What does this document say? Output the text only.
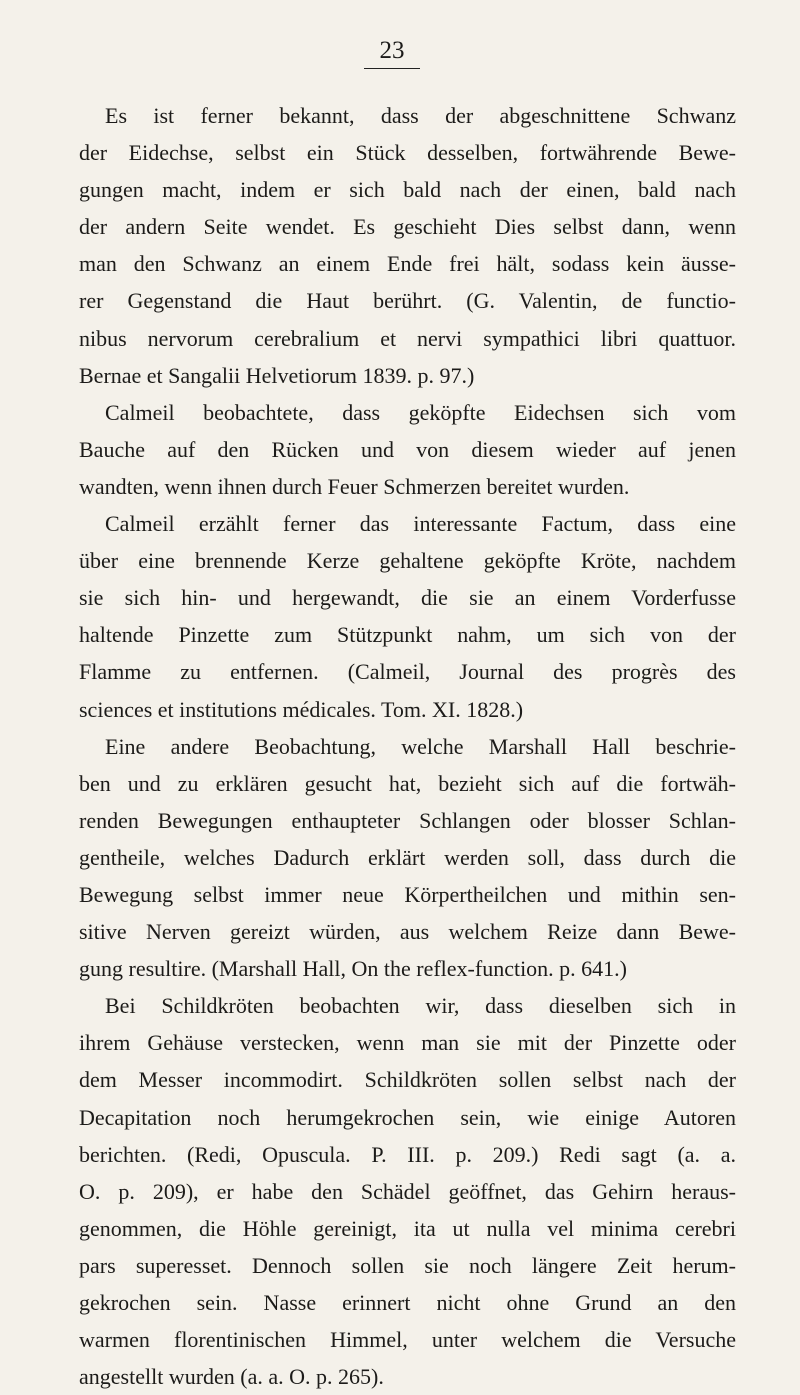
23
Es ist ferner bekannt, dass der abgeschnittene Schwanz
der Eidechse, selbst ein Stück desselben, fortwährende Bewe-
gungen macht, indem er sich bald nach der einen, bald nach
der andern Seite wendet. Es geschieht Dies selbst dann, wenn
man den Schwanz an einem Ende frei hält, sodass kein äusse-
rer Gegenstand die Haut berührt. (G. Valentin, de functio-
nibus nervorum cerebralium et nervi sympathici libri quattuor.
Bernae et Sangalii Helvetiorum 1839. p. 97.)
Calmeil beobachtete, dass geköpfte Eidechsen sich vom
Bauche auf den Rücken und von diesem wieder auf jenen
wandten, wenn ihnen durch Feuer Schmerzen bereitet wurden.
Calmeil erzählt ferner das interessante Factum, dass eine
über eine brennende Kerze gehaltene geköpfte Kröte, nachdem
sie sich hin- und hergewandt, die sie an einem Vorderfusse
haltende Pinzette zum Stützpunkt nahm, um sich von der
Flamme zu entfernen. (Calmeil, Journal des progrès des
sciences et institutions médicales. Tom. XI. 1828.)
Eine andere Beobachtung, welche Marshall Hall beschrie-
ben und zu erklären gesucht hat, bezieht sich auf die fortwäh-
renden Bewegungen enthaupteter Schlangen oder blosser Schlan-
gentheile, welches Dadurch erklärt werden soll, dass durch die
Bewegung selbst immer neue Körpertheilchen und mithin sen-
sitive Nerven gereizt würden, aus welchem Reize dann Bewe-
gung resultire. (Marshall Hall, On the reflex-function. p. 641.)
Bei Schildkröten beobachten wir, dass dieselben sich in
ihrem Gehäuse verstecken, wenn man sie mit der Pinzette oder
dem Messer incommodirt. Schildkröten sollen selbst nach der
Decapitation noch herumgekrochen sein, wie einige Autoren
berichten. (Redi, Opuscula. P. III. p. 209.) Redi sagt (a. a.
O. p. 209), er habe den Schädel geöffnet, das Gehirn heraus-
genommen, die Höhle gereinigt, ita ut nulla vel minima cerebri
pars superesset. Dennoch sollen sie noch längere Zeit herum-
gekrochen sein. Nasse erinnert nicht ohne Grund an den
warmen florentinischen Himmel, unter welchem die Versuche
angestellt wurden (a. a. O. p. 265).
